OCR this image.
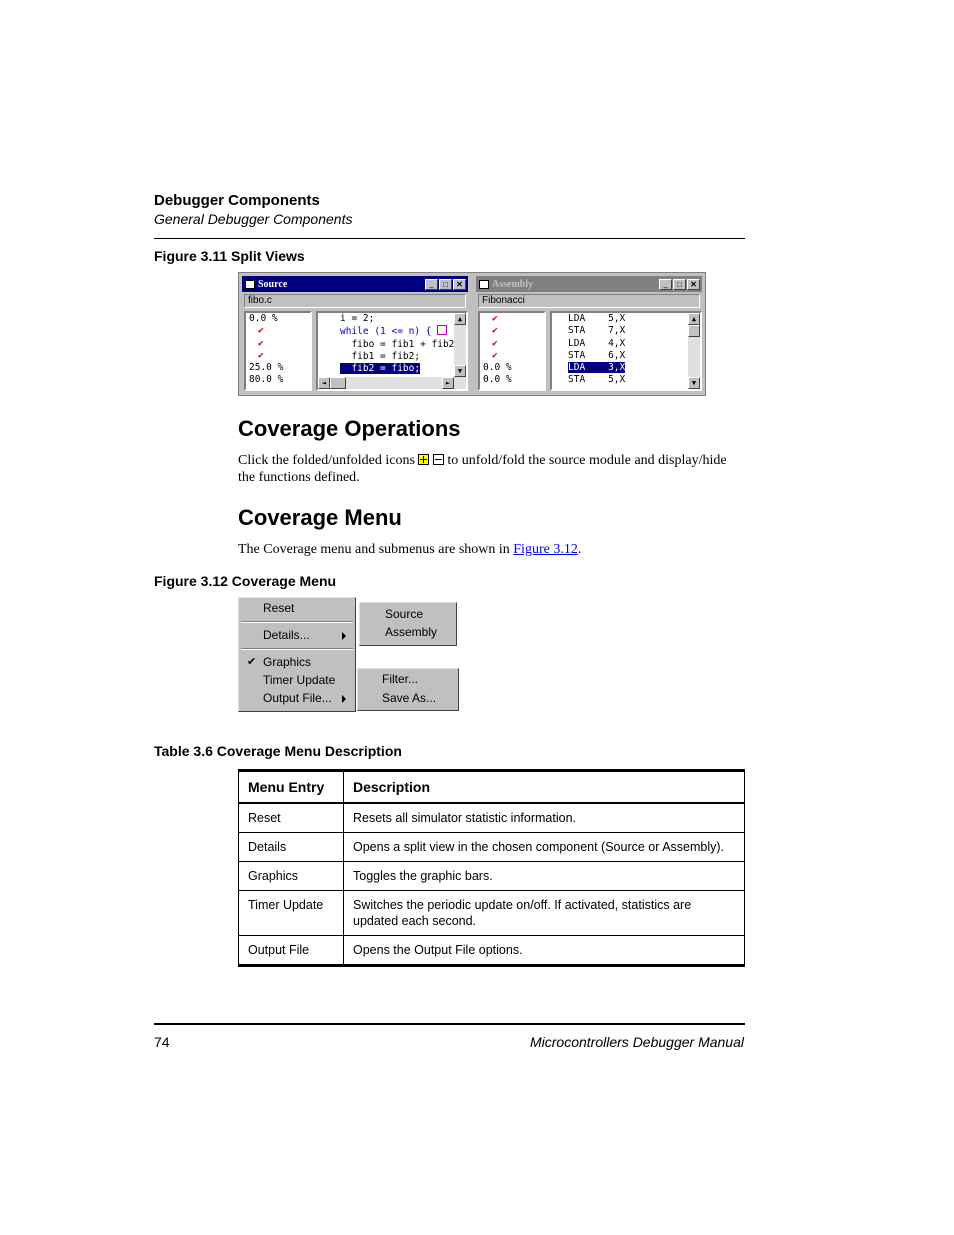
Debugger Components
General Debugger Components
Figure 3.11 Split Views
Source	_	□	✕
fibo.c
0.0 %
✔
✔
✔
25.0 %
80.0 %
i = 2;
while (1 <= n) {
fibo = fib1 + fib2
fib1 = fib2;
fib2 = fibo;
▲
▼
◄	►
Assembly	_	□	✕
Fibonacci
✔
✔
✔
✔
0.0 %
0.0 %
LDA 5,X
STA 7,X
LDA 4,X
STA 6,X
LDA 3,X
STA 5,X
▲
▼
Coverage Operations
Click the folded/unfolded icons   to unfold/fold the source module and display/hide
the functions defined.
Coverage Menu
The Coverage menu and submenus are shown in Figure 3.12.
Figure 3.12 Coverage Menu
Reset
Details...
✔ Graphics
Timer Update
Output File...
Source
Assembly
Filter...
Save As...
Table 3.6 Coverage Menu Description
Menu Entry	Description
Reset	Resets all simulator statistic information.
Details	Opens a split view in the chosen component (Source or Assembly).
Graphics	Toggles the graphic bars.
Timer Update	Switches the periodic update on/off. If activated, statistics are updated each second.
Output File	Opens the Output File options.
74	Microcontrollers Debugger Manual
